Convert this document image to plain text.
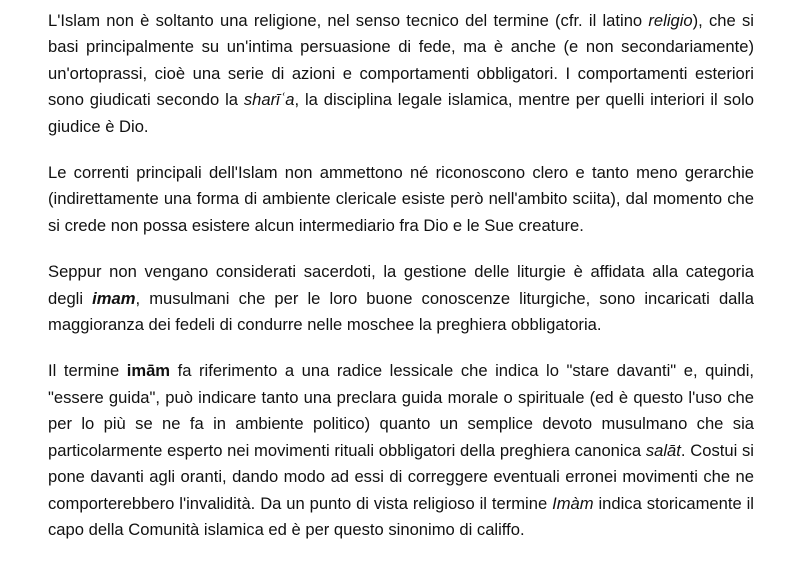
L'Islam non è soltanto una religione, nel senso tecnico del termine (cfr. il latino religio), che si basi principalmente su un'intima persuasione di fede, ma è anche (e non secondariamente) un'ortoprassi, cioè una serie di azioni e comportamenti obbligatori. I comportamenti esteriori sono giudicati secondo la sharīʿa, la disciplina legale islamica, mentre per quelli interiori il solo giudice è Dio.

Le correnti principali dell'Islam non ammettono né riconoscono clero e tanto meno gerarchie (indirettamente una forma di ambiente clericale esiste però nell'ambito sciita), dal momento che si crede non possa esistere alcun intermediario fra Dio e le Sue creature.

Seppur non vengano considerati sacerdoti, la gestione delle liturgie è affidata alla categoria degli imam, musulmani che per le loro buone conoscenze liturgiche, sono incaricati dalla maggioranza dei fedeli di condurre nelle moschee la preghiera obbligatoria.

Il termine imām fa riferimento a una radice lessicale che indica lo "stare davanti" e, quindi, "essere guida", può indicare tanto una preclara guida morale o spirituale (ed è questo l'uso che per lo più se ne fa in ambiente politico) quanto un semplice devoto musulmano che sia particolarmente esperto nei movimenti rituali obbligatori della preghiera canonica salāt. Costui si pone davanti agli oranti, dando modo ad essi di correggere eventuali erronei movimenti che ne comporterebbero l'invalidità. Da un punto di vista religioso il termine Imàm indica storicamente il capo della Comunità islamica ed è per questo sinonimo di califfo.
